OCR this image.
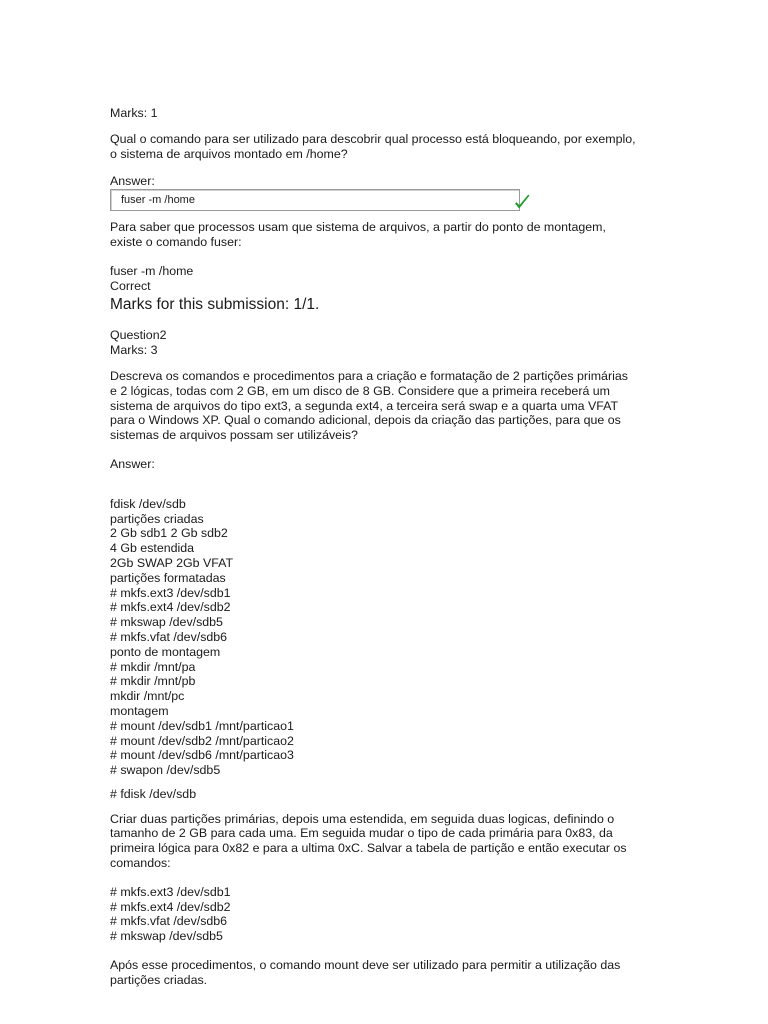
Marks: 1
Qual o comando para ser utilizado para descobrir qual processo está bloqueando, por exemplo,
o sistema de arquivos montado em /home?
Answer:
fuser -m /home
Para saber que processos usam que sistema de arquivos, a partir do ponto de montagem,
existe o comando fuser:
fuser -m /home
Correct
Marks for this submission: 1/1.
Question2
Marks: 3
Descreva os comandos e procedimentos para a criação e formatação de 2 partições primárias
e 2 lógicas, todas com 2 GB, em um disco de 8 GB. Considere que a primeira receberá um
sistema de arquivos do tipo ext3, a segunda ext4, a terceira será swap e a quarta uma VFAT
para o Windows XP. Qual o comando adicional, depois da criação das partições, para que os
sistemas de arquivos possam ser utilizáveis?
Answer:
fdisk /dev/sdb
partições criadas
2 Gb sdb1 2 Gb sdb2
4 Gb estendida
2Gb SWAP 2Gb VFAT
partições formatadas
# mkfs.ext3 /dev/sdb1
# mkfs.ext4 /dev/sdb2
# mkswap /dev/sdb5
# mkfs.vfat /dev/sdb6
ponto de montagem
# mkdir /mnt/pa
# mkdir /mnt/pb
mkdir /mnt/pc
montagem
# mount /dev/sdb1 /mnt/particao1
# mount /dev/sdb2 /mnt/particao2
# mount /dev/sdb6 /mnt/particao3
# swapon /dev/sdb5
# fdisk /dev/sdb
Criar duas partições primárias, depois uma estendida, em seguida duas logicas, definindo o
tamanho de 2 GB para cada uma. Em seguida mudar o tipo de cada primária para 0x83, da
primeira lógica para 0x82 e para a ultima 0xC. Salvar a tabela de partição e então executar os
comandos:
# mkfs.ext3 /dev/sdb1
# mkfs.ext4 /dev/sdb2
# mkfs.vfat /dev/sdb6
# mkswap /dev/sdb5
Após esse procedimentos, o comando mount deve ser utilizado para permitir a utilização das
partições criadas.
